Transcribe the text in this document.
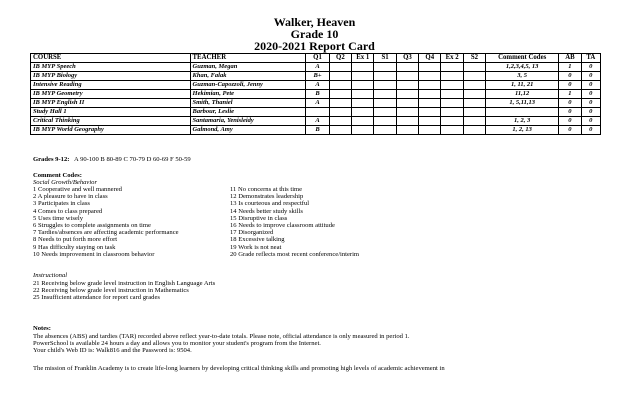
Walker, Heaven
Grade 10
2020-2021 Report Card
COURSE	TEACHER	Q1	Q2	Ex 1	S1	Q3	Q4	Ex 2	S2	Comment Codes	AB	TA
IB MYP Speech	Guzman, Megan	A								1,2,3,4,5, 13	1	0
IB MYP Biology	Khan, Falak	B+								3, 5	0	0
Intensive Reading	Guzman-Capozzoli, Jenny	A								1, 11, 21	0	0
IB MYP Geometry	Hekimian, Pete	B								11,12	1	0
IB MYP English II	Smith, Thaniel	A								1, 5,11,13	0	0
Study Hall 1	Barbour, Leslie										0	0
Critical Thinking	Santamaria, Yenisleidy	A								1, 2, 3	0	0
IB MYP World Geography	Galmond, Amy	B								1, 2, 13	0	0
Grades 9-12: A 90-100 B 80-89 C 70-79 D 60-69 F 50-59
Comment Codes:
Social Growth/Behavior
1 Cooperative and well mannered
2 A pleasure to have in class
3 Participates in class
4 Comes to class prepared
5 Uses time wisely
6 Struggles to complete assignments on time
7 Tardies/absences are affecting academic performance
8 Needs to put forth more effort
9 Has difficulty staying on task
10 Needs improvement in classroom behavior
11 No concerns at this time
12 Demonstrates leadership
13 Is courteous and respectful
14 Needs better study skills
15 Disruptive in class
16 Needs to improve classroom attitude
17 Disorganized
18 Excessive talking
19 Work is not neat
20 Grade reflects most recent conference/interim
Instructional
21 Receiving below grade level instruction in English Language Arts
22 Receiving below grade level instruction in Mathematics
25 Insufficient attendance for report card grades
Notes:
The absences (ABS) and tardies (TAR) recorded above reflect year-to-date totals. Please note, official attendance is only measured in period 1.
PowerSchool is available 24 hours a day and allows you to monitor your student's program from the Internet.
Your child's Web ID is: Walk816 and the Password is: 9504.
The mission of Franklin Academy is to create life-long learners by developing critical thinking skills and promoting high levels of academic achievement in
